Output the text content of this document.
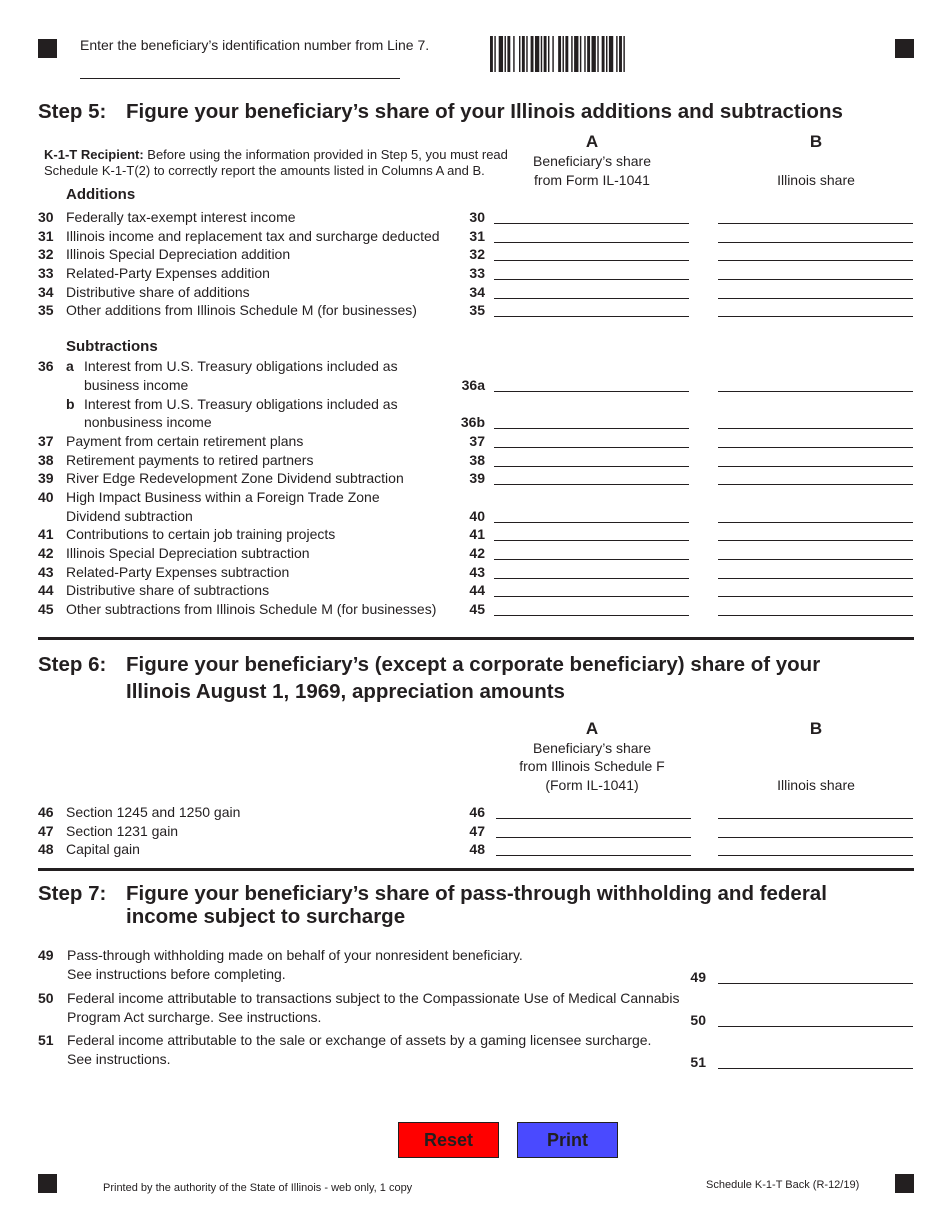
Enter the beneficiary’s identification number from Line 7.
Step 5: Figure your beneficiary’s share of your Illinois additions and subtractions
K-1-T Recipient: Before using the information provided in Step 5, you must read
Schedule K-1-T(2) to correctly report the amounts listed in Columns A and B.
A
Beneficiary’s share
from Form IL-1041
B
Illinois share
Additions
30 Federally tax-exempt interest income	30
31 Illinois income and replacement tax and surcharge deducted	31
32 Illinois Special Depreciation addition	32
33 Related-Party Expenses addition	33
34 Distributive share of additions	34
35 Other additions from Illinois Schedule M (for businesses)	35
Subtractions
36 a Interest from U.S. Treasury obligations included as
business income	36a
b Interest from U.S. Treasury obligations included as
nonbusiness income	36b
37 Payment from certain retirement plans	37
38 Retirement payments to retired partners	38
39 River Edge Redevelopment Zone Dividend subtraction	39
40 High Impact Business within a Foreign Trade Zone
Dividend subtraction	40
41 Contributions to certain job training projects	41
42 Illinois Special Depreciation subtraction	42
43 Related-Party Expenses subtraction	43
44 Distributive share of subtractions	44
45 Other subtractions from Illinois Schedule M (for businesses)	45
Step 6: Figure your beneficiary’s (except a corporate beneficiary) share of your
Illinois August 1, 1969, appreciation amounts
A
Beneficiary’s share
from Illinois Schedule F
(Form IL-1041)
B
Illinois share
46 Section 1245 and 1250 gain	46
47 Section 1231 gain	47
48 Capital gain	48
Step 7: Figure your beneficiary’s share of pass-through withholding and federal
income subject to surcharge
49 Pass-through withholding made on behalf of your nonresident beneficiary.
See instructions before completing.	49
50 Federal income attributable to transactions subject to the Compassionate Use of Medical Cannabis
Program Act surcharge. See instructions.	50
51 Federal income attributable to the sale or exchange of assets by a gaming licensee surcharge.
See instructions.	51
Reset	Print
Printed by the authority of the State of Illinois - web only, 1 copy	Schedule K-1-T Back (R-12/19)
